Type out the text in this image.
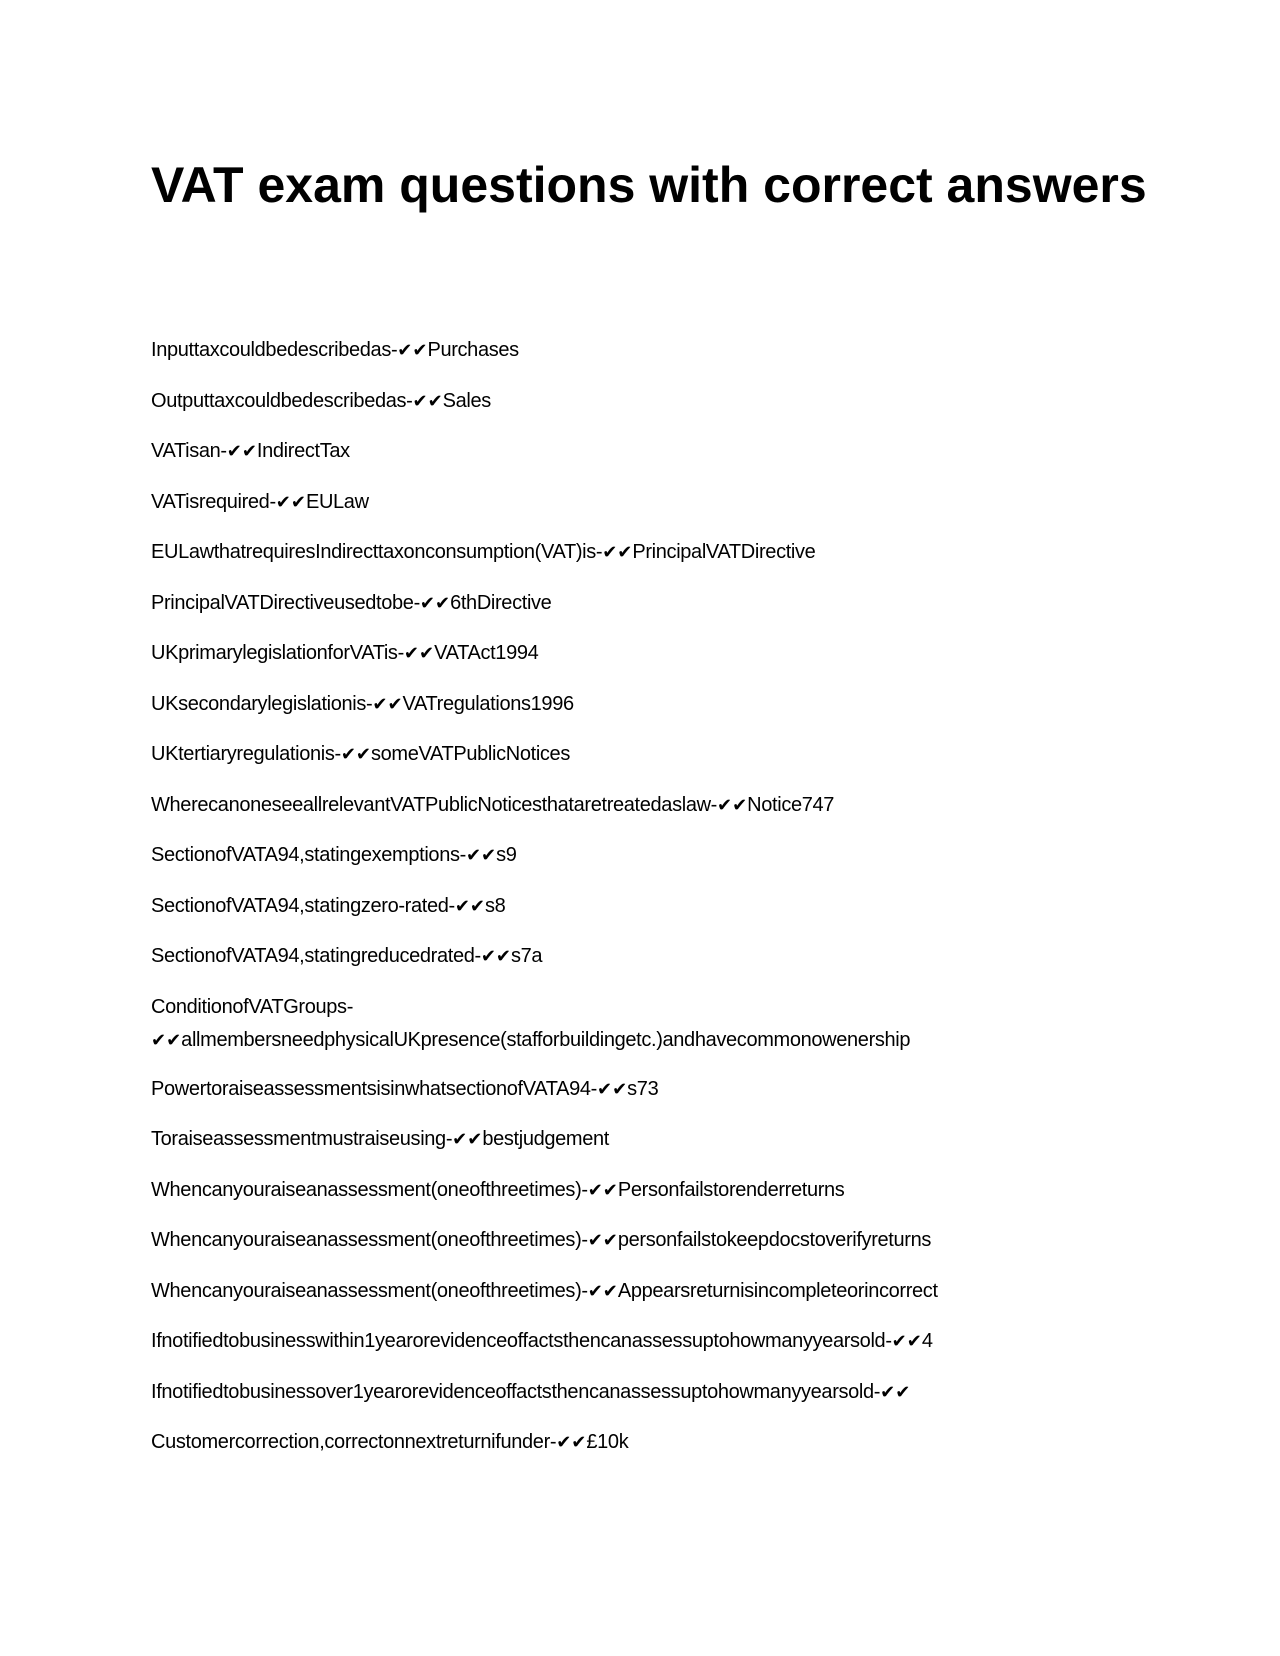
VAT exam questions with correct answers
Inputtaxcouldbedescribedas-✔✔Purchases
Outputtaxcouldbedescribedas-✔✔Sales
VATisan-✔✔IndirectTax
VATisrequired-✔✔EULaw
EULawthatrequiresIndirecttaxonconsumption(VAT)is-✔✔PrincipalVATDirective
PrincipalVATDirectiveusedtobe-✔✔6thDirective
UKprimarylegislationforVATis-✔✔VATAct1994
UKsecondarylegislationis-✔✔VATregulations1996
UKtertiaryregulationis-✔✔someVATPublicNotices
WherecanoneseeallrelevantVATPublicNoticesthataretreatedaslaw-✔✔Notice747
SectionofVATA94,statingexemptions-✔✔s9
SectionofVATA94,statingzero-rated-✔✔s8
SectionofVATA94,statingreducedrated-✔✔s7a
ConditionofVATGroups-
✔✔allmembersneedphysicalUKpresence(stafforbuildingetc.)andhavecommonowenership
PowertoraiseassessmentsisinwhatsectionofVATA94-✔✔s73
Toraiseassessmentmustraiseusing-✔✔bestjudgement
Whencanyouraiseanassessment(oneofthreetimes)-✔✔Personfailstorenderreturns
Whencanyouraiseanassessment(oneofthreetimes)-✔✔personfailstokeepdocstoverifyreturns
Whencanyouraiseanassessment(oneofthreetimes)-✔✔Appearsreturnisincompleteorincorrect
Ifnotifiedtobusinesswithin1yearorevidenceoffactsthencanassessuptohowmanyyearsold-✔✔4
Ifnotifiedtobusinessover1yearorevidenceoffactsthencanassessuptohowmanyyearsold-✔✔
Customercorrection,correctonnextreturnifunder-✔✔£10k
